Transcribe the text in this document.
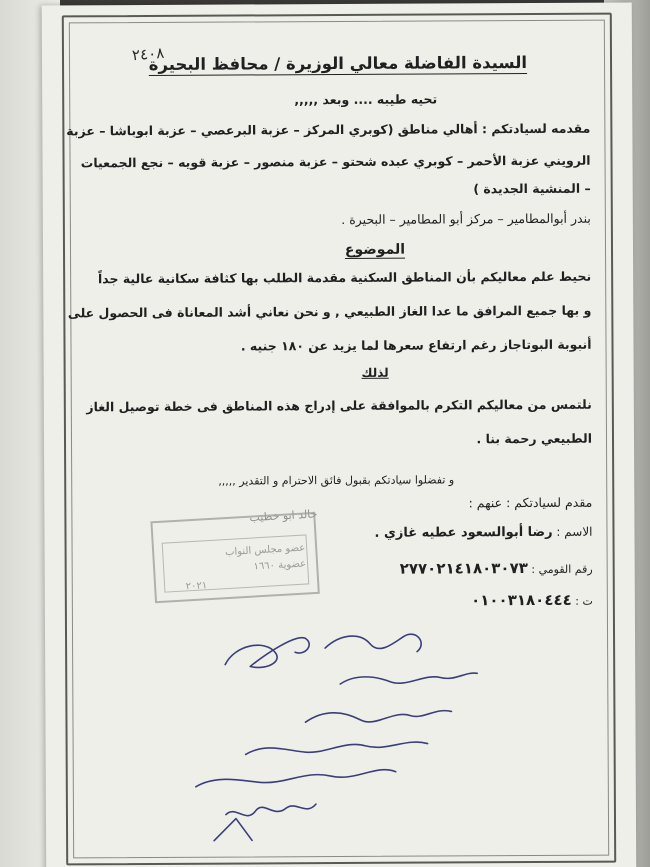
٢٤٠٨
السيدة الفاضلة معالي الوزيرة / محافظ البحيرة
تحيه طيبه .... وبعد ,,,,,
مقدمه لسيادتكم : أهالي مناطق (كوبري المركز – عزبة البرعصي – عزبة ابوباشا – عزبة
الرويني عزبة الأحمر – كوبري عبده شحتو – عزبة منصور – عزبة قويه – نجع الجمعيات
– المنشية الجديدة )
بندر أبوالمطامير – مركز أبو المطامير – البحيرة .
الموضوع
نحيط علم معاليكم بأن المناطق السكنية مقدمة الطلب بها كثافة سكانية عالية جداً
و بها جميع المرافق ما عدا الغاز الطبيعي , و نحن نعاني أشد المعاناة فى الحصول على
أنبوبة البوتاجاز رغم ارتفاع سعرها لما يزيد عن ١٨٠ جنيه .
لذلك
نلتمس من معاليكم التكرم بالموافقة على إدراج هذه المناطق فى خطة توصيل الغاز
الطبيعي رحمة بنا .
و تفضلوا سيادتكم بقبول فائق الاحترام و التقدير ,,,,,
مقدم لسيادتكم : عنهم :
الاسم : رضا أبوالسعود عطيه غازي .
رقم القومي : ٢٧٧٠٢١٤١٨٠٣٠٧٣
ت : ٠١٠٠٣١٨٠٤٤٤
خالد ابو خطيب
عضو مجلس النواب
عضوية ١٦٦٠
٢٠٢١
